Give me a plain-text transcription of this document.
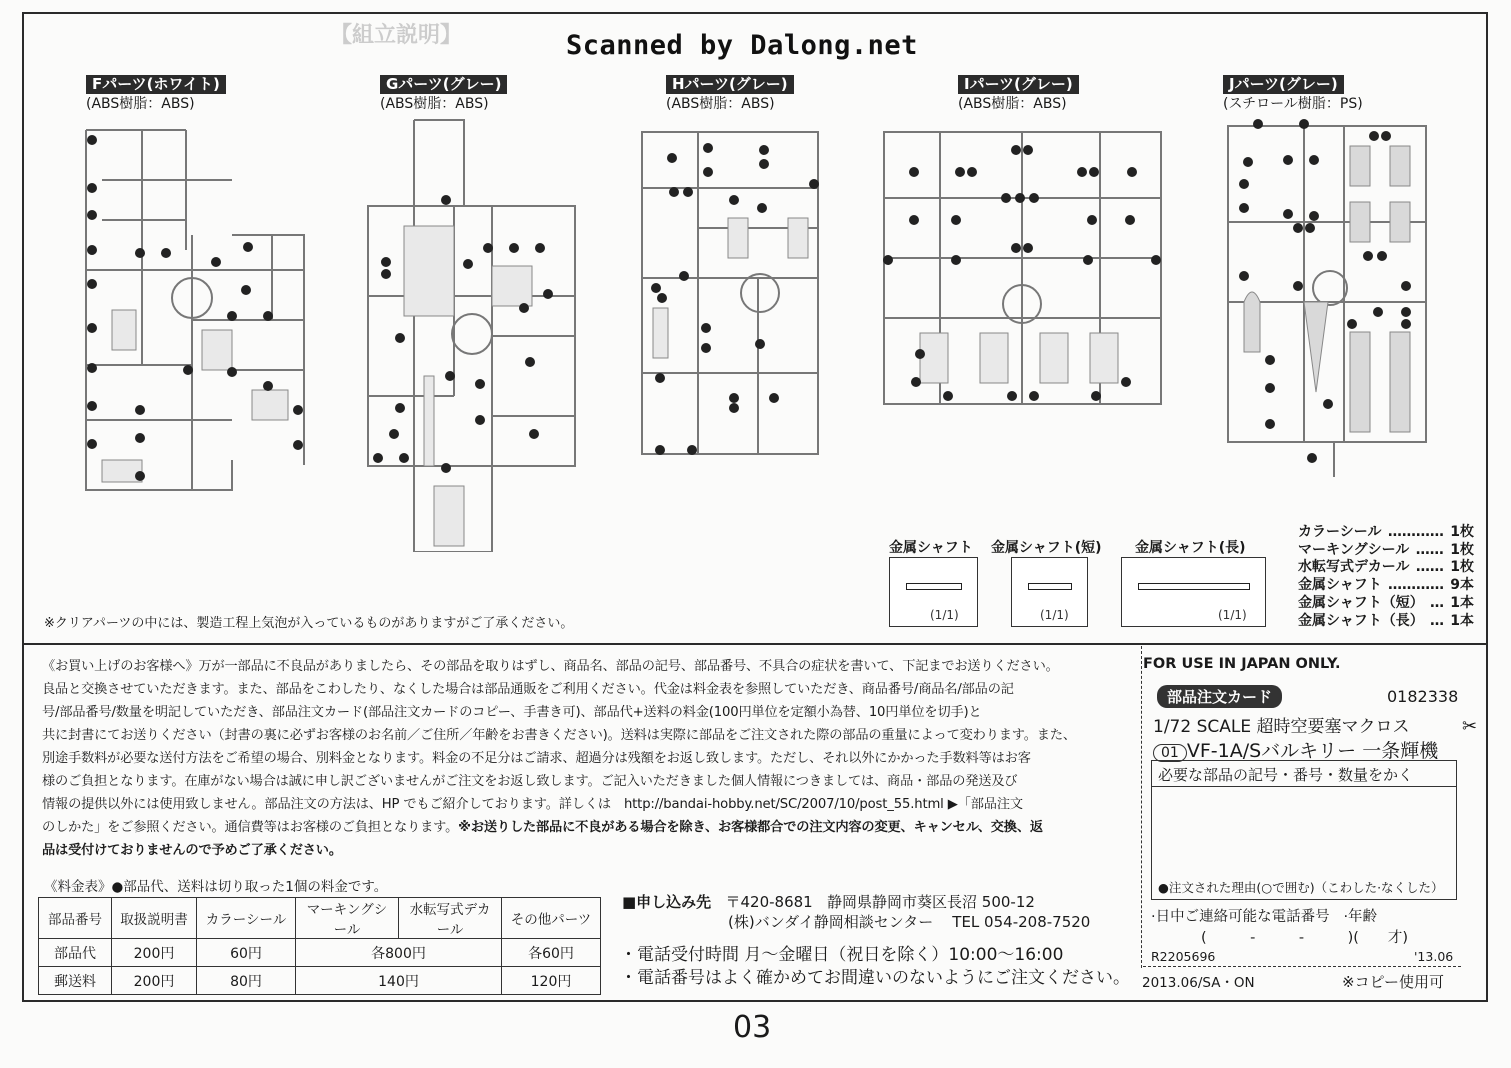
【組立説明】	Scanned by Dalong.net
Fパーツ(ホワイト)
(ABS樹脂：ABS)
Gパーツ(グレー)
(ABS樹脂：ABS)
Hパーツ(グレー)
(ABS樹脂：ABS)
Ⅰパーツ(グレー)
(ABS樹脂：ABS)
Jパーツ(グレー)
(スチロール樹脂：PS)
金属シャフト
(1/1)
金属シャフト(短)
(1/1)
金属シャフト(長)
(1/1)
カラーシール ………… 1枚
マーキングシール …… 1枚
水転写式デカール …… 1枚
金属シャフト ………… 9本
金属シャフト（短） … 1本
金属シャフト（長） … 1本
※クリアパーツの中には、製造工程上気泡が入っているものがありますがご了承ください。
《お買い上げのお客様へ》万が一部品に不良品がありましたら、その部品を取りはずし、商品名、部品の記号、部品番号、不具合の症状を書いて、下記までお送りください。
良品と交換させていただきます。また、部品をこわしたり、なくした場合は部品通販をご利用ください。代金は料金表を参照していただき、商品番号/商品名/部品の記
号/部品番号/数量を明記していただき、部品注文カード(部品注文カードのコピー、手書き可)、部品代+送料の料金(100円単位を定額小為替、10円単位を切手)と
共に封書にてお送りください（封書の裏に必ずお客様のお名前／ご住所／年齢をお書きください)。送料は実際に部品をご注文された際の部品の重量によって変わります。また、
別途手数料が必要な送付方法をご希望の場合、別料金となります。料金の不足分はご請求、超過分は残額をお返し致します。ただし、それ以外にかかった手数料等はお客
様のご負担となります。在庫がない場合は誠に申し訳ございませんがご注文をお返し致します。ご記入いただきました個人情報につきましては、商品・部品の発送及び
情報の提供以外には使用致しません。部品注文の方法は、HP でもご紹介しております。詳しくは　http://bandai-hobby.net/SC/2007/10/post_55.html ▶「部品注文
のしかた」をご参照ください。通信費等はお客様のご負担となります。※お送りした部品に不良がある場合を除き、お客様都合での注文内容の変更、キャンセル、交換、返
品は受付けておりませんので予めご了承ください。
《料金表》●部品代、送料は切り取った1個の料金です。
部品番号	取扱説明書	カラーシール	マーキングシール	水転写式デカール	その他パーツ
部品代	200円	60円	各800円		各60円
郵送料	200円	80円	140円		120円
■申し込み先 〒420-8681 静岡県静岡市葵区長沼 500-12
(株)バンダイ静岡相談センター TEL 054-208-7520
・電話受付時間 月～金曜日（祝日を除く）10:00～16:00
・電話番号はよく確かめてお間違いのないようにご注文ください。
FOR USE IN JAPAN ONLY.
部品注文カード	0182338
1/72 SCALE 超時空要塞マクロス	✂
01 VF-1A/Sバルキリー 一条輝機
必要な部品の記号・番号・数量をかく
●注文された理由(○で囲む)（こわした·なくした）
·日中ご連絡可能な電話番号 ·年齢
(　　　-　　　-　　　)(　　才)
R2205696	'13.06
2013.06/SA・ON	※コピー使用可
03
